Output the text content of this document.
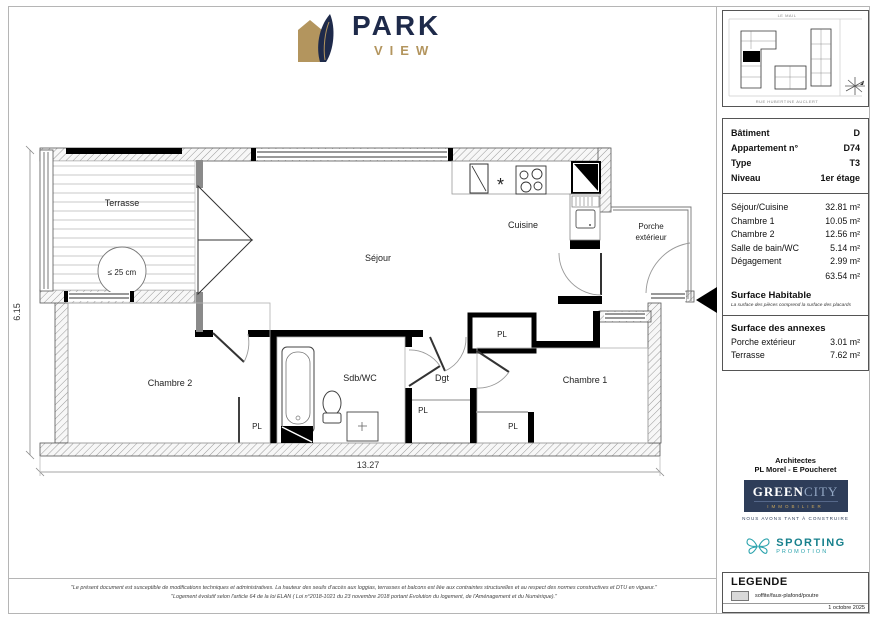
PARK
VIEW
*
Terrasse
≤ 25 cm
Séjour
Cuisine	Porche
extérieur
Chambre 2	Sdb/WC	Dgt	Chambre 1
PL
PL
PL
PL
13.27
6.15
LE MAIL
RUE HUBERTINE AUCLERT
Bâtiment	D
Appartement n°	D74
Type	T3
Niveau	1er étage
Séjour/Cuisine	32.81 m²
Chambre 1	10.05 m²
Chambre 2	12.56 m²
Salle de bain/WC	5.14 m²
Dégagement	2.99 m²
63.54 m²
Surface Habitable
La surface des pièces comprend la surface des placards
Surface des annexes
Porche extérieur	3.01 m²
Terrasse	7.62 m²
Architectes
PL Morel - E Poucheret
GREENCITY
IMMOBILIER
NOUS AVONS TANT À CONSTRUIRE
SPORTING
PROMOTION
LEGENDE
soffite/faux-plafond/poutre
1 octobre 2025
"Le présent document est susceptible de modifications techniques et administratives. La hauteur des seuils d'accès aux loggias, terrasses et balcons est liée aux contraintes structurelles et au respect des normes constructives et DTU en vigueur."
"Logement évolutif selon l'article 64 de la loi ELAN ( Loi n°2018-1021 du 23 novembre 2018 portant Evolution du logement, de l'Aménagement et du Numérique)."
